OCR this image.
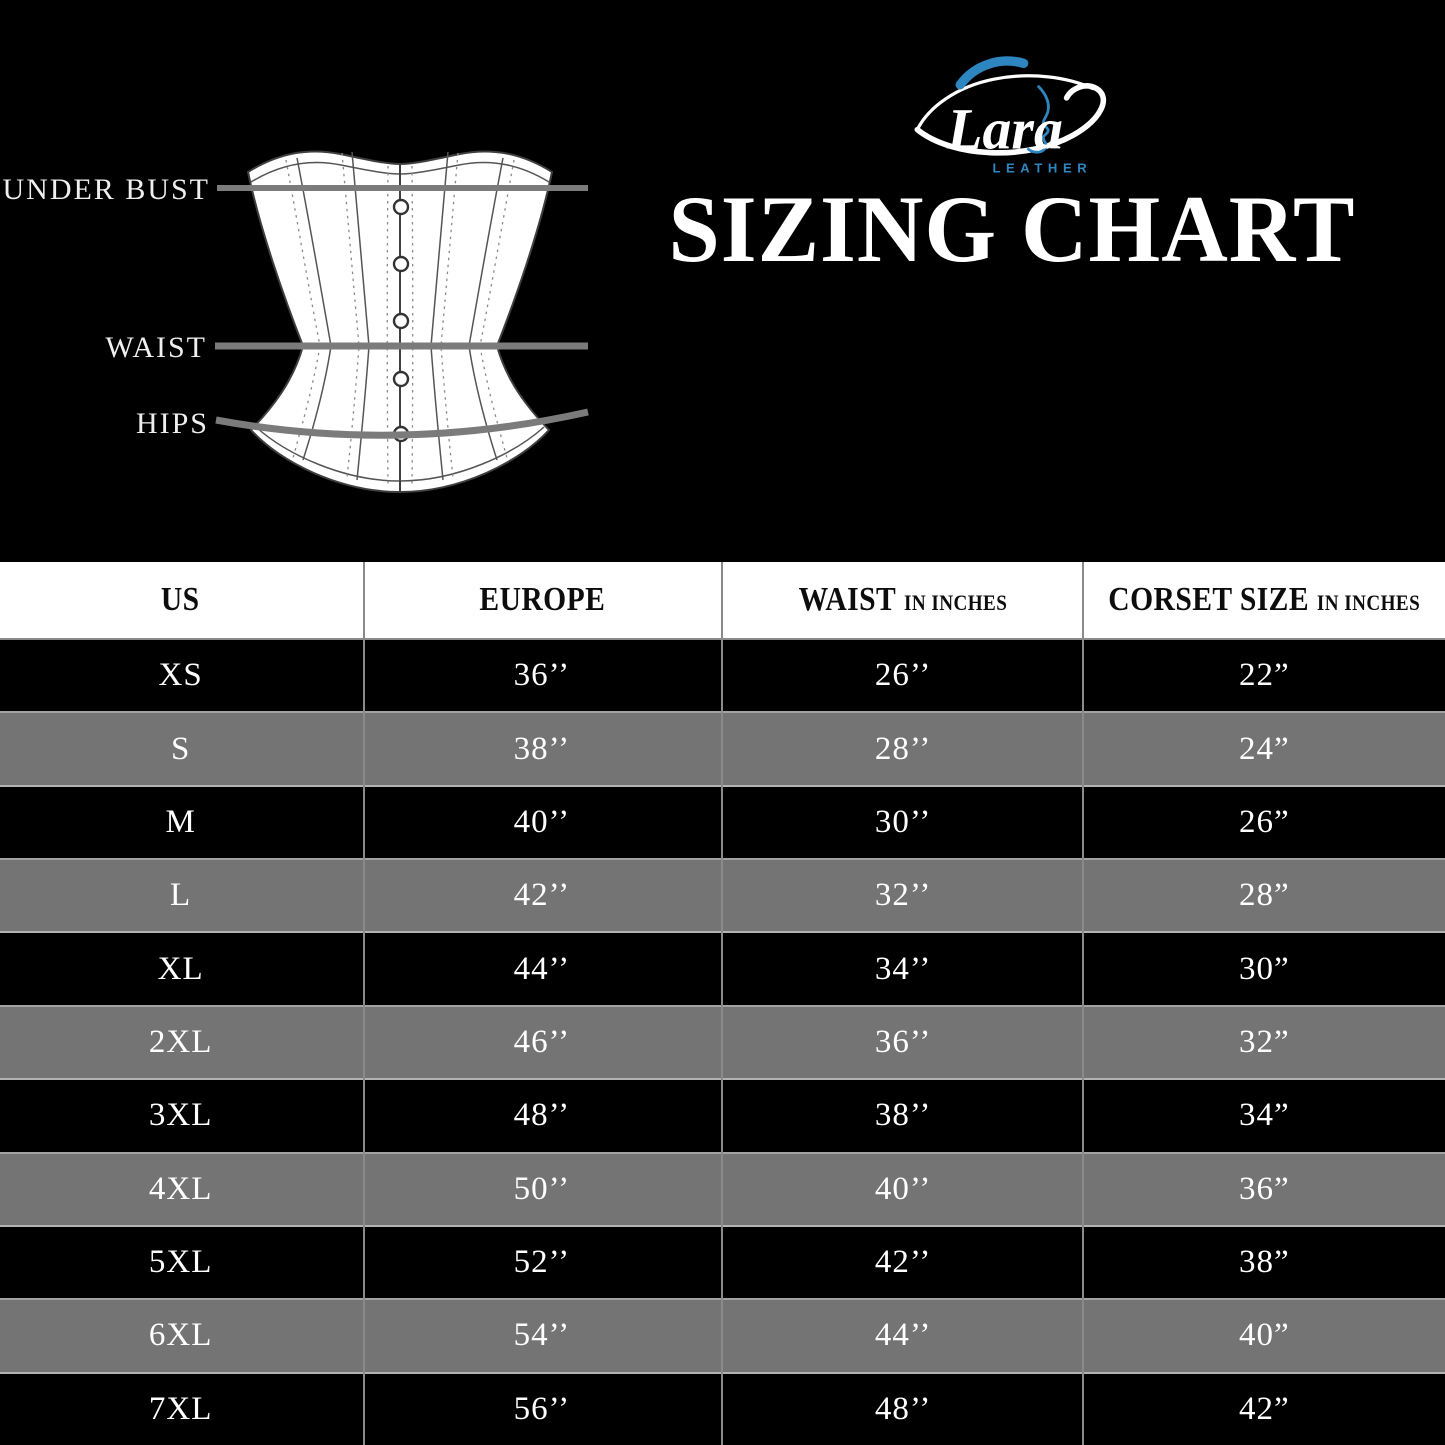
UNDER BUST
WAIST
HIPS
Lara
LEATHER
SIZING CHART
US	EUROPE	WAIST IN INCHES	CORSET SIZE IN INCHES
XS	36’’	26’’	22”
S	38’’	28’’	24”
M	40’’	30’’	26”
L	42’’	32’’	28”
XL	44’’	34’’	30”
2XL	46’’	36’’	32”
3XL	48’’	38’’	34”
4XL	50’’	40’’	36”
5XL	52’’	42’’	38”
6XL	54’’	44’’	40”
7XL	56’’	48’’	42”
